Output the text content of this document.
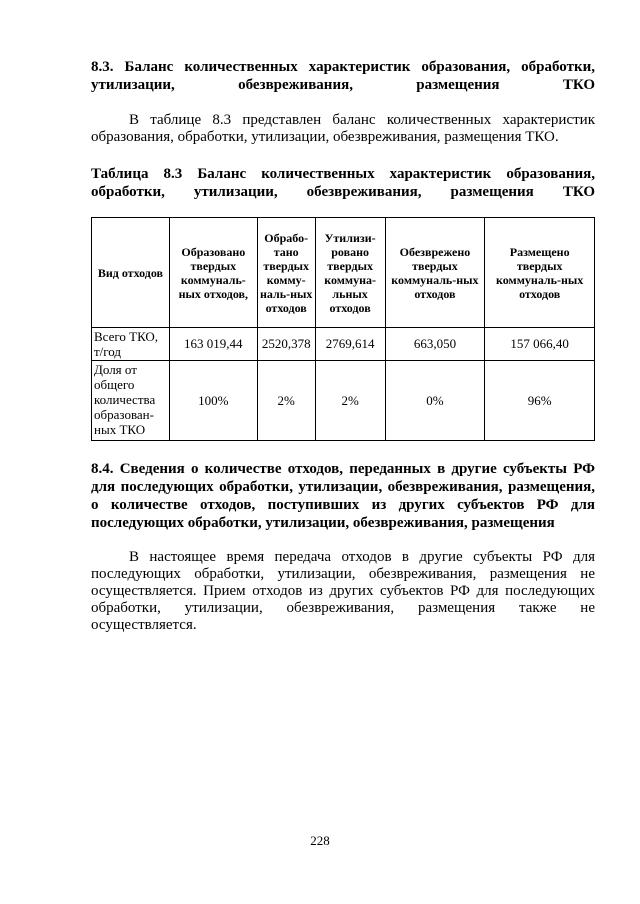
8.3. Баланс количественных характеристик образования, обработки,

утилизации, обезвреживания, размещения ТКО

В таблице 8.3 представлен баланс количественных характеристик

образования, обработки, утилизации, обезвреживания, размещения ТКО.

Таблица 8.3 Баланс количественных характеристик образования,

обработки, утилизации, обезвреживания, размещения ТКО

Вид отходов	Образовано твердых коммуналь-ных отходов,	Обрабо-тано твердых комму-наль-ных отходов	Утилизи-ровано твердых коммуна-льных отходов	Обезврежено твердых коммуналь-ных отходов	Размещено твердых коммуналь-ных отходов
Всего ТКО, т/год	163 019,44	2520,378	2769,614	663,050	157 066,40
Доля от общего количества образован-ных ТКО	100%	2%	2%	0%	96%

8.4. Сведения о количестве отходов, переданных в другие субъекты РФ

для последующих обработки, утилизации, обезвреживания, размещения,

о количестве отходов, поступивших из других субъектов РФ для

последующих обработки, утилизации, обезвреживания, размещения

В настоящее время передача отходов в другие субъекты РФ для последующих обработки, утилизации, обезвреживания, размещения не осуществляется. Прием отходов из других субъектов РФ для последующих обработки, утилизации, обезвреживания, размещения также не осуществляется.

228
